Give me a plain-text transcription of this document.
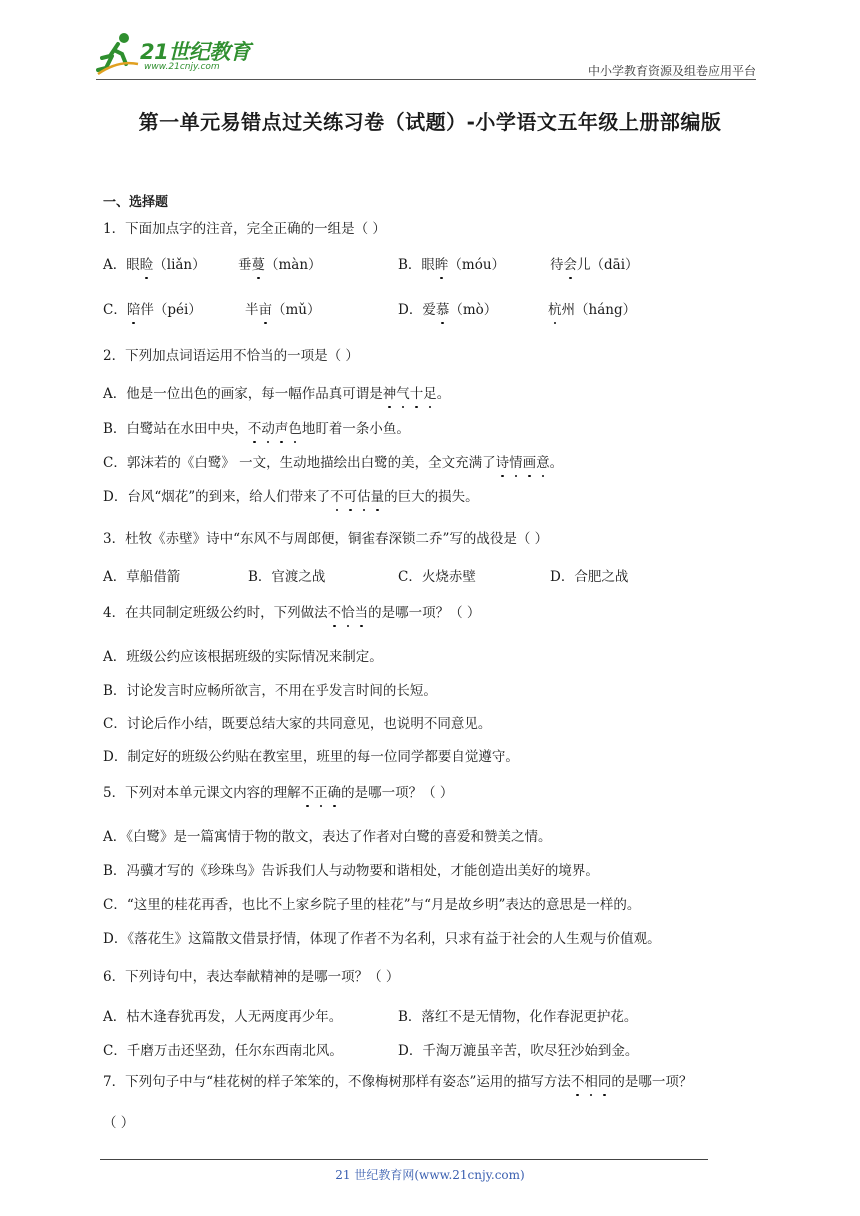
21世纪教育
www.21cnjy.com	中小学教育资源及组卷应用平台
第一单元易错点过关练习卷（试题）-小学语文五年级上册部编版
一、选择题
1．下面加点字的注音，完全正确的一组是（ ）
A．眼睑（liǎn） 垂蔓（màn）	B．眼眸（móu）	待会儿（dāi）
C．陪伴（péi）	半亩（mǔ）	D．爱慕（mò）	杭州（háng）
2．下列加点词语运用不恰当的一项是（ ）
A．他是一位出色的画家，每一幅作品真可谓是神气十足。
B．白鹭站在水田中央，不动声色地盯着一条小鱼。
C．郭沫若的《白鹭》 一文，生动地描绘出白鹭的美，全文充满了诗情画意。
D．台风“烟花”的到来，给人们带来了不可估量的巨大的损失。
3．杜牧《赤壁》诗中“东风不与周郎便，铜雀春深锁二乔”写的战役是（ ）
A．草船借箭	B．官渡之战	C．火烧赤壁	D．合肥之战
4．在共同制定班级公约时，下列做法不恰当的是哪一项？（ ）
A．班级公约应该根据班级的实际情况来制定。
B．讨论发言时应畅所欲言，不用在乎发言时间的长短。
C．讨论后作小结，既要总结大家的共同意见，也说明不同意见。
D．制定好的班级公约贴在教室里，班里的每一位同学都要自觉遵守。
5．下列对本单元课文内容的理解不正确的是哪一项？（ ）
A．《白鹭》是一篇寓情于物的散文，表达了作者对白鹭的喜爱和赞美之情。
B．冯骥才写的《珍珠鸟》告诉我们人与动物要和谐相处，才能创造出美好的境界。
C．“这里的桂花再香，也比不上家乡院子里的桂花”与“月是故乡明”表达的意思是一样的。
D．《落花生》这篇散文借景抒情，体现了作者不为名利，只求有益于社会的人生观与价值观。
6．下列诗句中，表达奉献精神的是哪一项？（ ）
A．枯木逢春犹再发，人无两度再少年。	B．落红不是无情物，化作春泥更护花。
C．千磨万击还坚劲，任尔东西南北风。	D．千淘万漉虽辛苦，吹尽狂沙始到金。
7．下列句子中与“桂花树的样子笨笨的，不像梅树那样有姿态”运用的描写方法不相同的是哪一项？
（ ）
21 世纪教育网(www.21cnjy.com)
